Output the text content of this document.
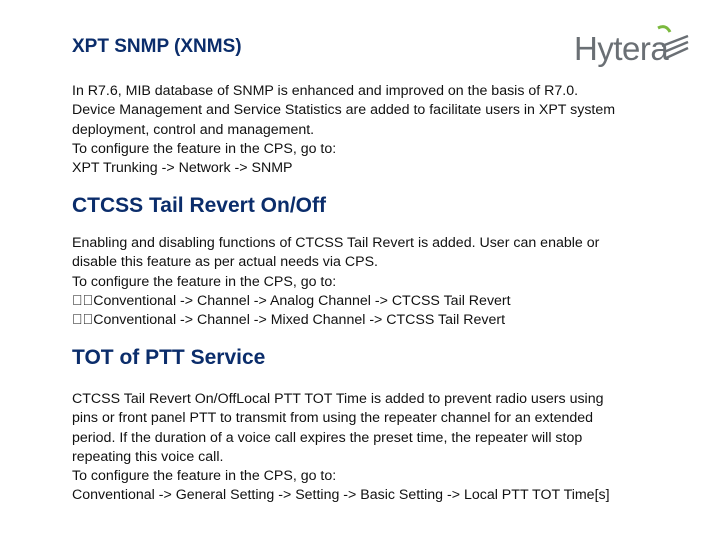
Hytera
XPT SNMP (XNMS)
In R7.6, MIB database of SNMP is enhanced and improved on the basis of R7.0.
Device Management and Service Statistics are added to facilitate users in XPT system
deployment, control and management.
To configure the feature in the CPS, go to:
XPT Trunking -> Network -> SNMP
CTCSS Tail Revert On/Off
Enabling and disabling functions of CTCSS Tail Revert is added. User can enable or
disable this feature as per actual needs via CPS.
To configure the feature in the CPS, go to:
  Conventional -> Channel -> Analog Channel -> CTCSS Tail Revert
  Conventional -> Channel -> Mixed Channel -> CTCSS Tail Revert
TOT of PTT Service
CTCSS Tail Revert On/OffLocal PTT TOT Time is added to prevent radio users using
pins or front panel PTT to transmit from using the repeater channel for an extended
period. If the duration of a voice call expires the preset time, the repeater will stop
repeating this voice call.
To configure the feature in the CPS, go to:
Conventional -> General Setting -> Setting -> Basic Setting -> Local PTT TOT Time[s]
